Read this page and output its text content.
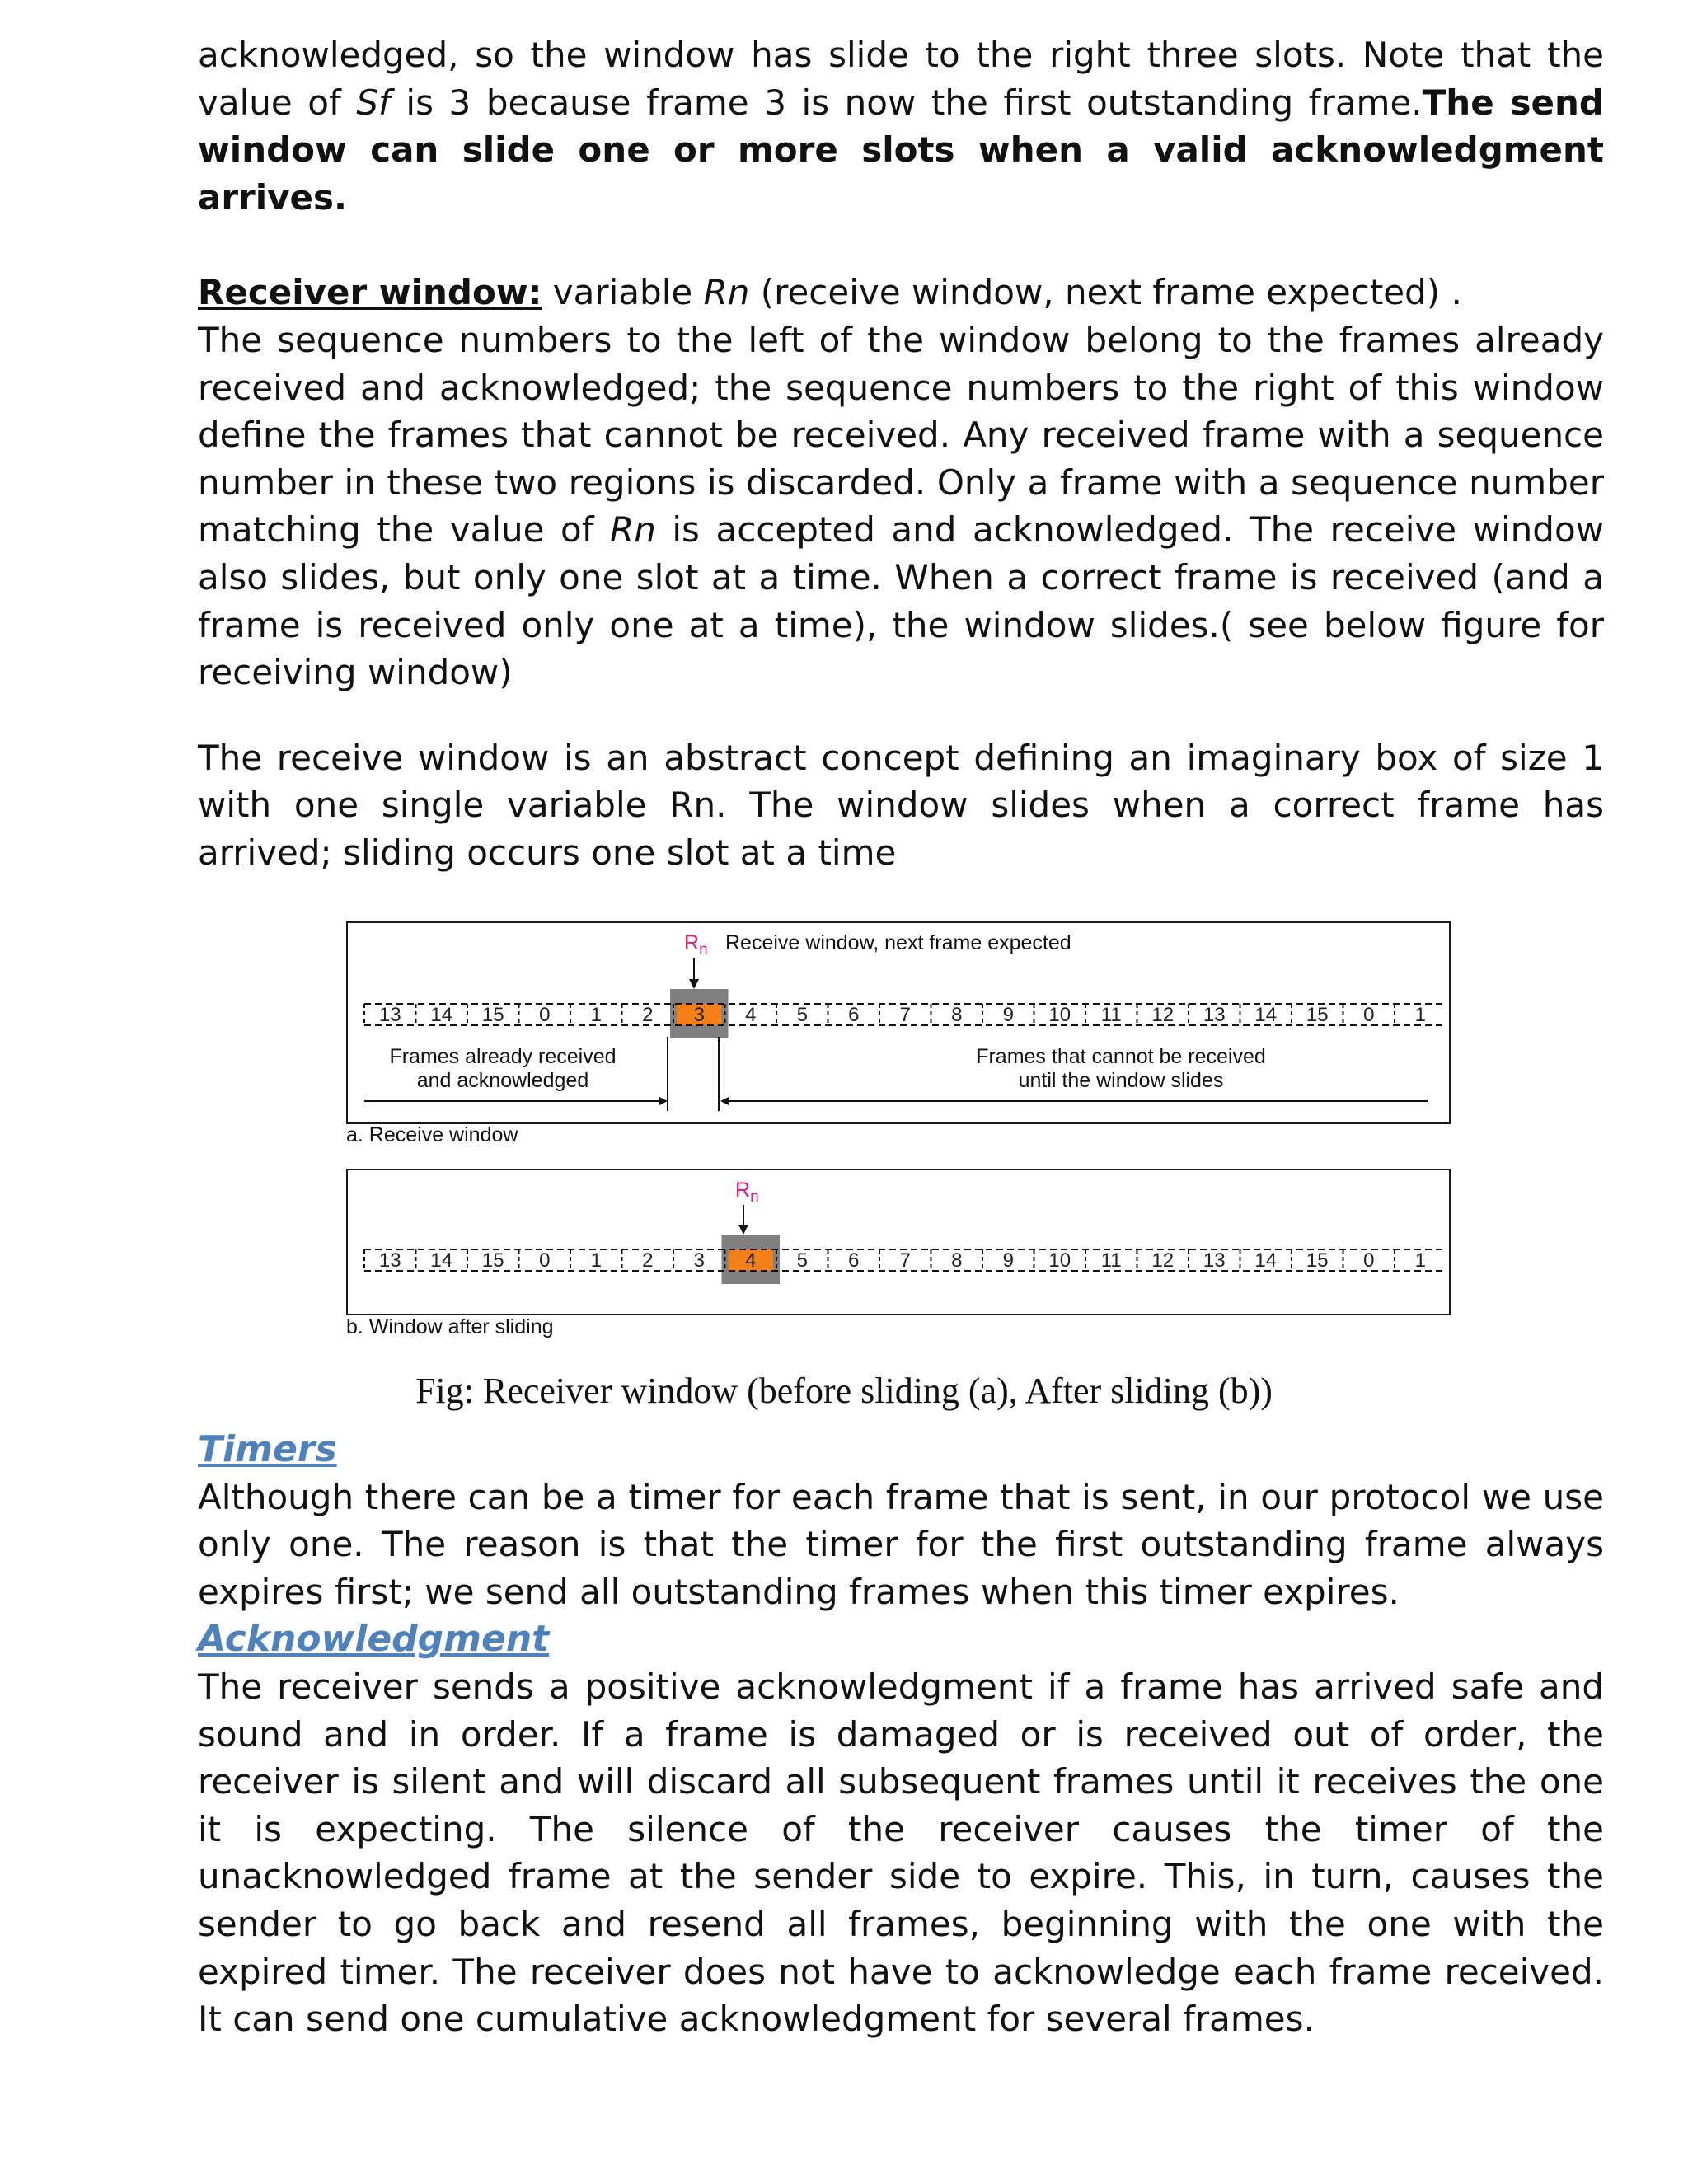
acknowledged, so the window has slide to the right three slots. Note that the value of Sf is 3 because frame 3 is now the first outstanding frame.The send window can slide one or more slots when a valid acknowledgment arrives.

Receiver window: variable Rn (receive window, next frame expected) .
The sequence numbers to the left of the window belong to the frames already received and acknowledged; the sequence numbers to the right of this window define the frames that cannot be received. Any received frame with a sequence number in these two regions is discarded. Only a frame with a sequence number matching the value of Rn is accepted and acknowledged. The receive window also slides, but only one slot at a time. When a correct frame is received (and a frame is received only one at a time), the window slides.( see below figure for receiving window)

The receive window is an abstract concept defining an imaginary box of size 1 with one single variable Rn. The window slides when a correct frame has arrived; sliding occurs one slot at a time

$R_n$ Receive window, next frame expected
13 14 15 0 1 2 3 4 5 6 7 8 9 10 11 12 13 14 15 0 1
Frames already received
and acknowledged
Frames that cannot be received
until the window slides
a. Receive window
$R_n$
13 14 15 0 1 2 3 4 5 6 7 8 9 10 11 12 13 14 15 0 1
b. Window after sliding
Fig: Receiver window (before sliding (a), After sliding (b))

Timers

Although there can be a timer for each frame that is sent, in our protocol we use only one. The reason is that the timer for the first outstanding frame always expires first; we send all outstanding frames when this timer expires.

Acknowledgment

The receiver sends a positive acknowledgment if a frame has arrived safe and sound and in order. If a frame is damaged or is received out of order, the receiver is silent and will discard all subsequent frames until it receives the one it is expecting. The silence of the receiver causes the timer of the unacknowledged frame at the sender side to expire. This, in turn, causes the sender to go back and resend all frames, beginning with the one with the expired timer. The receiver does not have to acknowledge each frame received. It can send one cumulative acknowledgment for several frames.
